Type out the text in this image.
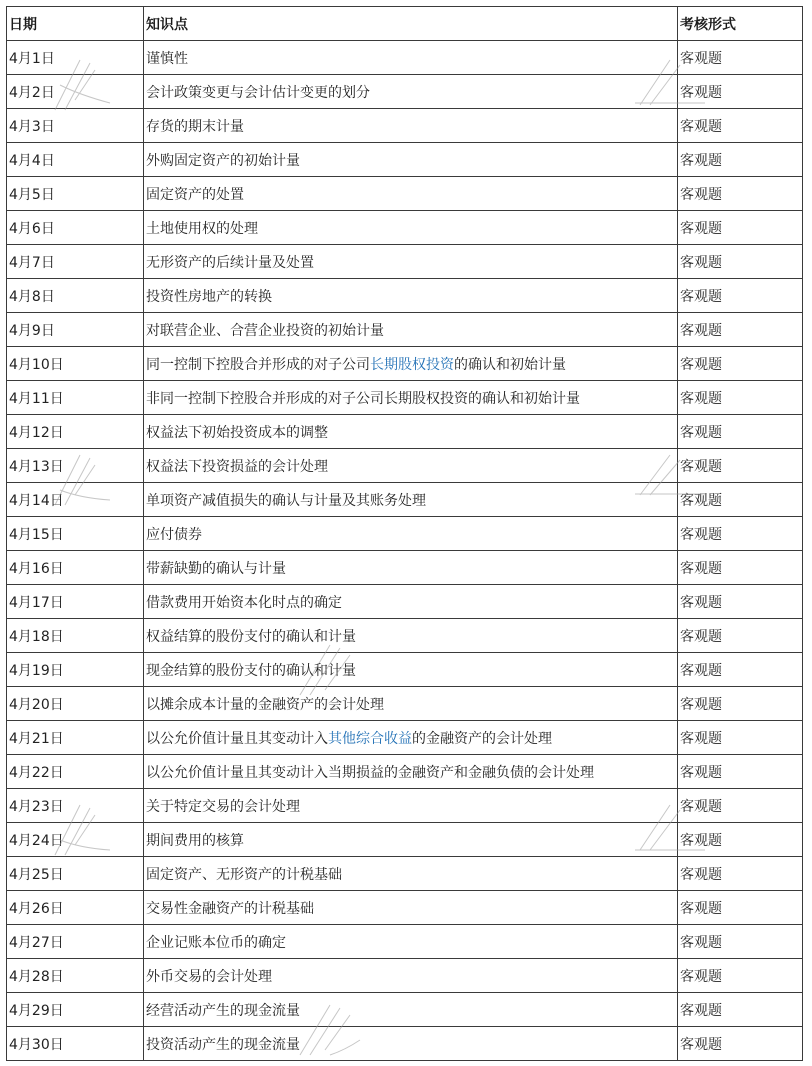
日期	知识点	考核形式
4月1日	谨慎性	客观题
4月2日	会计政策变更与会计估计变更的划分	客观题
4月3日	存货的期末计量	客观题
4月4日	外购固定资产的初始计量	客观题
4月5日	固定资产的处置	客观题
4月6日	土地使用权的处理	客观题
4月7日	无形资产的后续计量及处置	客观题
4月8日	投资性房地产的转换	客观题
4月9日	对联营企业、合营企业投资的初始计量	客观题
4月10日	同一控制下控股合并形成的对子公司长期股权投资的确认和初始计量	客观题
4月11日	非同一控制下控股合并形成的对子公司长期股权投资的确认和初始计量	客观题
4月12日	权益法下初始投资成本的调整	客观题
4月13日	权益法下投资损益的会计处理	客观题
4月14日	单项资产减值损失的确认与计量及其账务处理	客观题
4月15日	应付债券	客观题
4月16日	带薪缺勤的确认与计量	客观题
4月17日	借款费用开始资本化时点的确定	客观题
4月18日	权益结算的股份支付的确认和计量	客观题
4月19日	现金结算的股份支付的确认和计量	客观题
4月20日	以摊余成本计量的金融资产的会计处理	客观题
4月21日	以公允价值计量且其变动计入其他综合收益的金融资产的会计处理	客观题
4月22日	以公允价值计量且其变动计入当期损益的金融资产和金融负债的会计处理	客观题
4月23日	关于特定交易的会计处理	客观题
4月24日	期间费用的核算	客观题
4月25日	固定资产、无形资产的计税基础	客观题
4月26日	交易性金融资产的计税基础	客观题
4月27日	企业记账本位币的确定	客观题
4月28日	外币交易的会计处理	客观题
4月29日	经营活动产生的现金流量	客观题
4月30日	投资活动产生的现金流量	客观题
